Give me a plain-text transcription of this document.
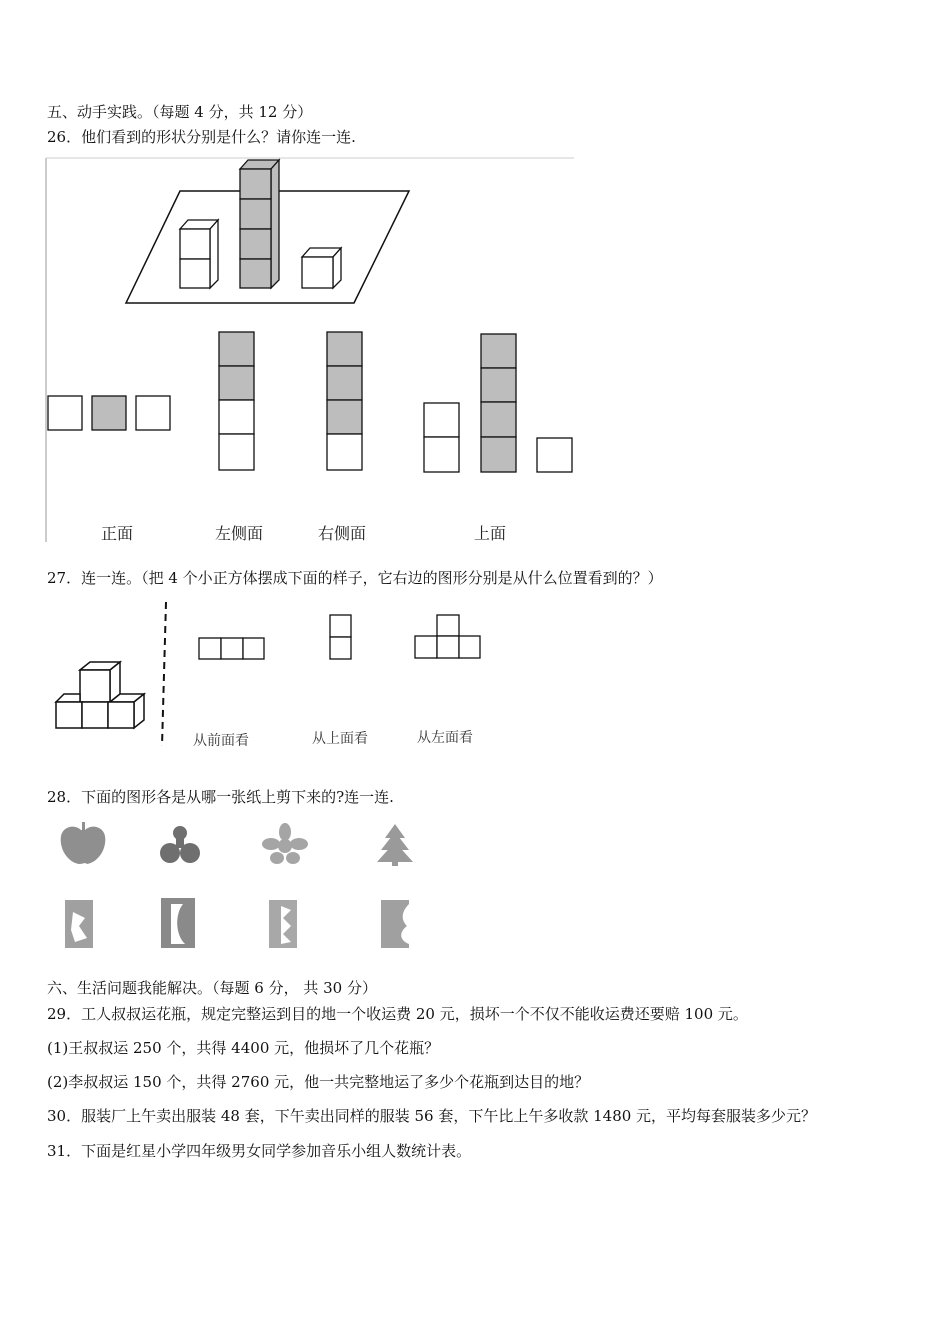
五、动手实践。（每题 4 分，共 12 分）
26．他们看到的形状分别是什么？请你连一连.
正面	左侧面	右侧面	上面
27．连一连。（把 4 个小正方体摆成下面的样子，它右边的图形分别是从什么位置看到的？）
从前面看	从上面看	从左面看
28．下面的图形各是从哪一张纸上剪下来的?连一连.
六、生活问题我能解决。（每题 6 分， 共 30 分）
29．工人叔叔运花瓶，规定完整运到目的地一个收运费 20 元，损坏一个不仅不能收运费还要赔 100 元。
(1)王叔叔运 250 个，共得 4400 元，他损坏了几个花瓶？
(2)李叔叔运 150 个，共得 2760 元，他一共完整地运了多少个花瓶到达目的地？
30．服装厂上午卖出服装 48 套，下午卖出同样的服装 56 套，下午比上午多收款 1480 元，平均每套服装多少元？
31．下面是红星小学四年级男女同学参加音乐小组人数统计表。
